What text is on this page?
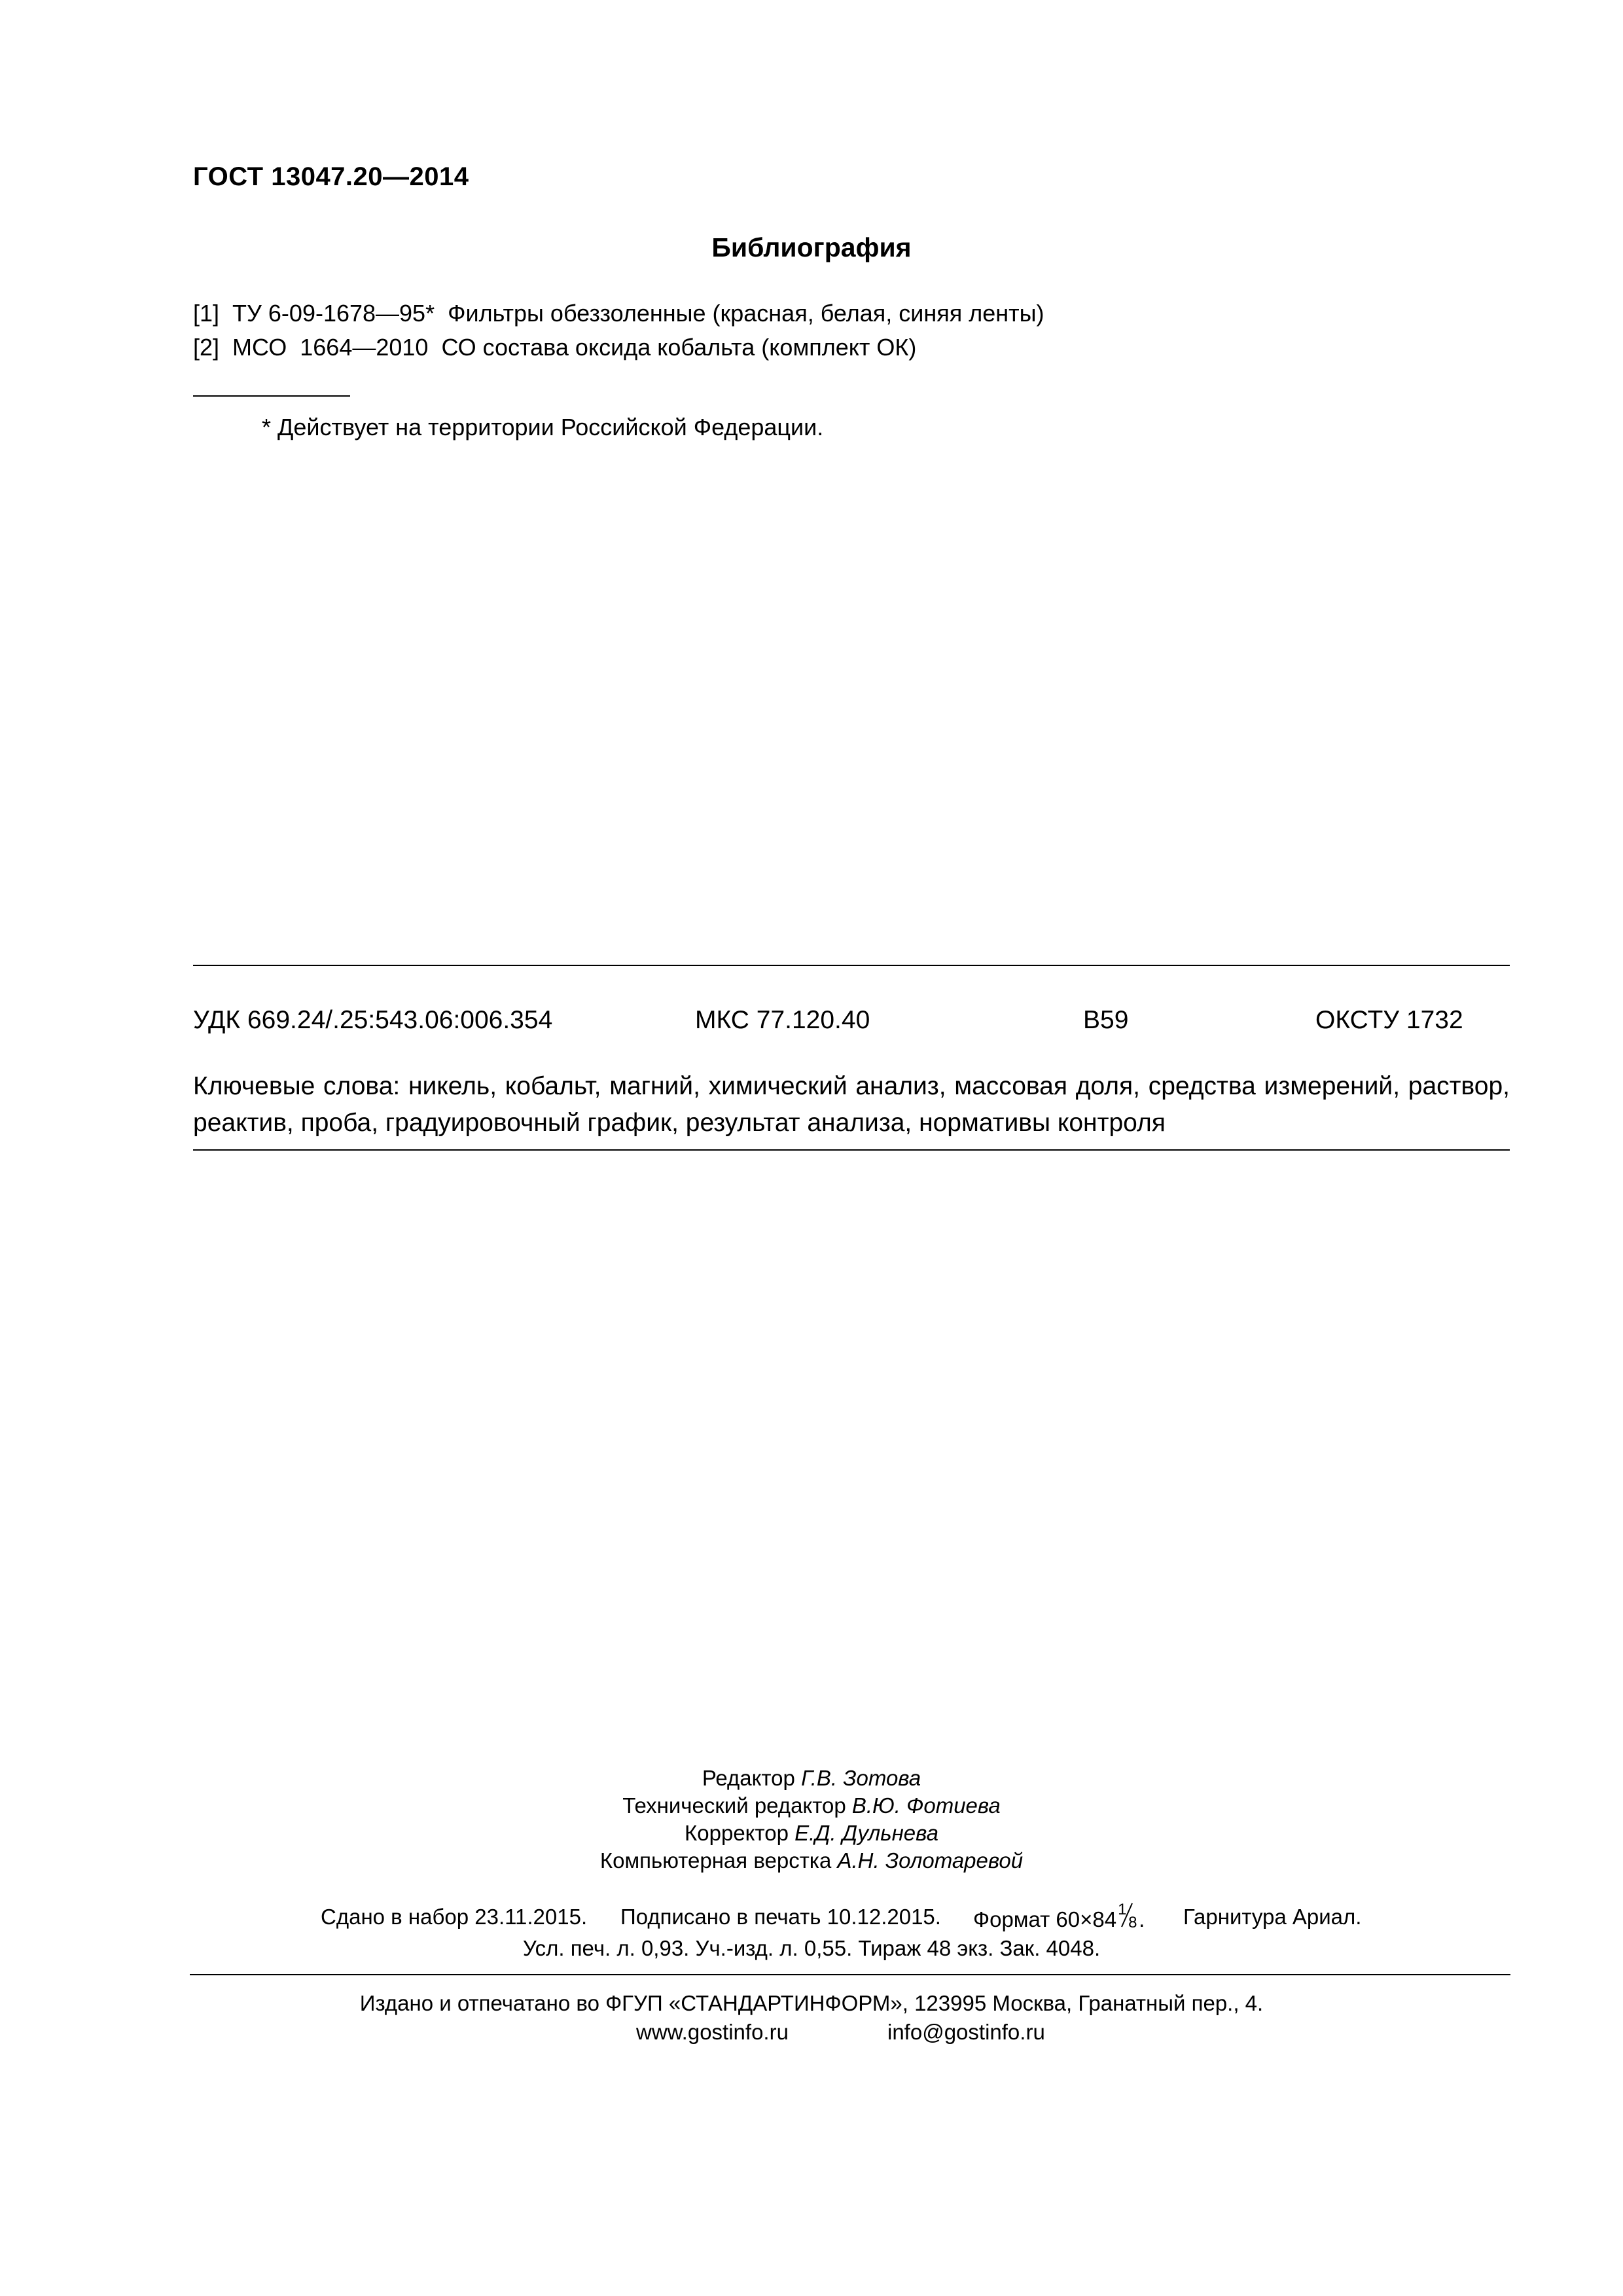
ГОСТ 13047.20—2014
Библиография
[1] ТУ 6-09-1678—95* Фильтры обеззоленные (красная, белая, синяя ленты)
[2] МСО  1664—2010 СО состава оксида кобальта (комплект ОК)
* Действует на территории Российской Федерации.
УДК 669.24/.25:543.06:006.354	МКС 77.120.40	В59	ОКСТУ 1732
Ключевые слова: никель, кобальт, магний, химический анализ, массовая доля, средства измерений, раствор, реактив, проба, градуировочный график, результат анализа, нормативы контроля
Редактор Г.В. Зотова
Технический редактор В.Ю. Фотиева
Корректор Е.Д. Дульнева
Компьютерная верстка А.Н. Золотаревой
Сдано в набор 23.11.2015. Подписано в печать 10.12.2015. Формат 60×84 1
8 . Гарнитура Ариал.
Усл. печ. л. 0,93. Уч.-изд. л. 0,55. Тираж 48 экз. Зак. 4048.
Издано и отпечатано во ФГУП «СТАНДАРТИНФОРМ», 123995 Москва, Гранатный пер., 4.
www.gostinfo.ru	info@gostinfo.ru
